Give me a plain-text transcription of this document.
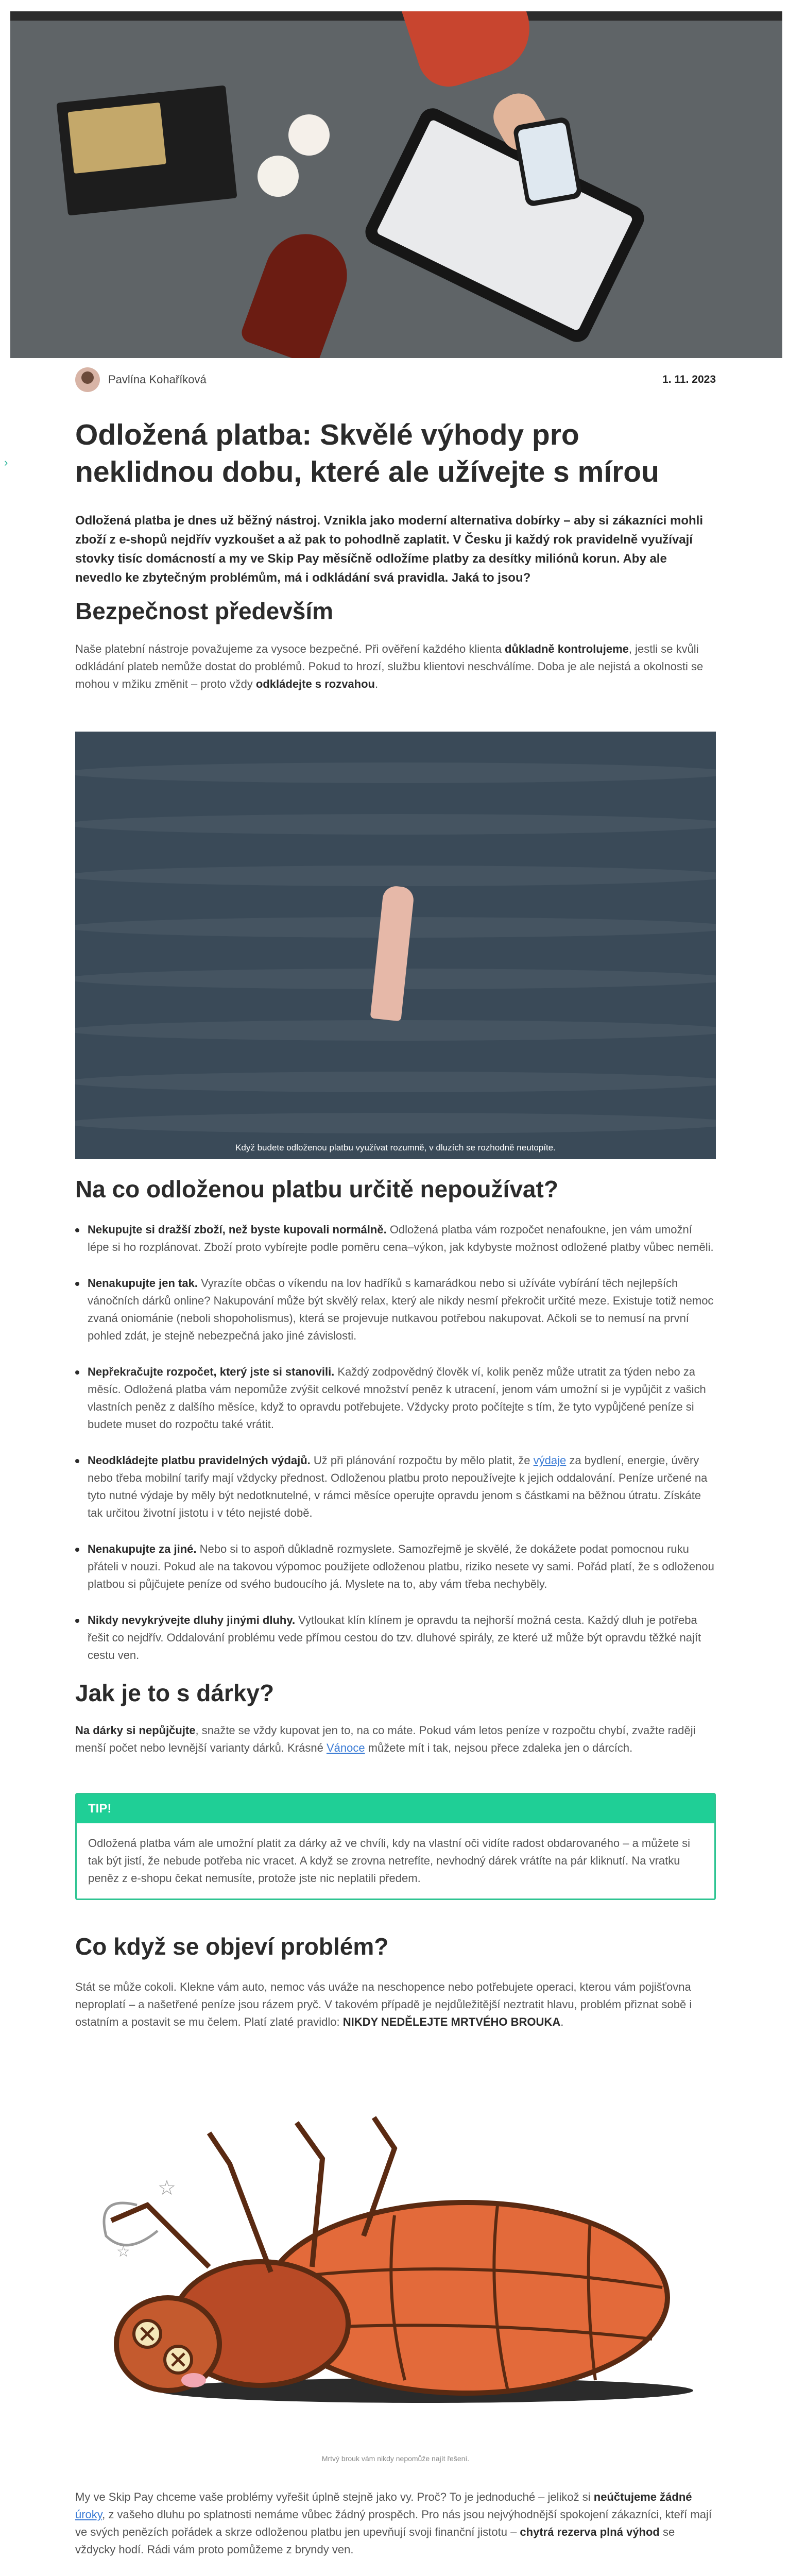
›
Pavlína Kohaříková	1. 11. 2023
Odložená platba: Skvělé výhody pro neklidnou dobu, které ale užívejte s mírou

Odložená platba je dnes už běžný nástroj. Vznikla jako moderní alternativa dobírky – aby si zákazníci mohli zboží z e-shopů nejdřív vyzkoušet a až pak to pohodlně zaplatit. V Česku ji každý rok pravidelně využívají stovky tisíc domácností a my ve Skip Pay měsíčně odložíme platby za desítky miliónů korun. Aby ale nevedlo ke zbytečným problémům, má i odkládání svá pravidla. Jaká to jsou?

Bezpečnost především

Naše platební nástroje považujeme za vysoce bezpečné. Při ověření každého klienta důkladně kontrolujeme, jestli se kvůli odkládání plateb nemůže dostat do problémů. Pokud to hrozí, službu klientovi neschválíme. Doba je ale nejistá a okolnosti se mohou v mžiku změnit – proto vždy odkládejte s rozvahou.

Když budete odloženou platbu využívat rozumně, v dluzích se rozhodně neutopíte.
Na co odloženou platbu určitě nepoužívat?
Nekupujte si dražší zboží, než byste kupovali normálně. Odložená platba vám rozpočet nenafoukne, jen vám umožní lépe si ho rozplánovat. Zboží proto vybírejte podle poměru cena–výkon, jak kdybyste možnost odložené platby vůbec neměli.
Nenakupujte jen tak. Vyrazíte občas o víkendu na lov hadříků s kamarádkou nebo si užíváte vybírání těch nejlepších vánočních dárků online? Nakupování může být skvělý relax, který ale nikdy nesmí překročit určité meze. Existuje totiž nemoc zvaná oniománie (neboli shopoholismus), která se projevuje nutkavou potřebou nakupovat. Ačkoli se to nemusí na první pohled zdát, je stejně nebezpečná jako jiné závislosti.
Nepřekračujte rozpočet, který jste si stanovili. Každý zodpovědný člověk ví, kolik peněz může utratit za týden nebo za měsíc. Odložená platba vám nepomůže zvýšit celkové množství peněz k utracení, jenom vám umožní si je vypůjčit z vašich vlastních peněz z dalšího měsíce, když to opravdu potřebujete. Vždycky proto počítejte s tím, že tyto vypůjčené peníze si budete muset do rozpočtu také vrátit.
Neodkládejte platbu pravidelných výdajů. Už při plánování rozpočtu by mělo platit, že výdaje za bydlení, energie, úvěry nebo třeba mobilní tarify mají vždycky přednost. Odloženou platbu proto nepoužívejte k jejich oddalování. Peníze určené na tyto nutné výdaje by měly být nedotknutelné, v rámci měsíce operujte opravdu jenom s částkami na běžnou útratu. Získáte tak určitou životní jistotu i v této nejisté době.
Nenakupujte za jiné. Nebo si to aspoň důkladně rozmyslete. Samozřejmě je skvělé, že dokážete podat pomocnou ruku přáteli v nouzi. Pokud ale na takovou výpomoc použijete odloženou platbu, riziko nesete vy sami. Pořád platí, že s odloženou platbou si půjčujete peníze od svého budoucího já. Myslete na to, aby vám třeba nechyběly.
Nikdy nevykrývejte dluhy jinými dluhy. Vytloukat klín klínem je opravdu ta nejhorší možná cesta. Každý dluh je potřeba řešit co nejdřív. Oddalování problému vede přímou cestou do tzv. dluhové spirály, ze které už může být opravdu těžké najít cestu ven.
Jak je to s dárky?

Na dárky si nepůjčujte, snažte se vždy kupovat jen to, na co máte. Pokud vám letos peníze v rozpočtu chybí, zvažte raději menší počet nebo levnější varianty dárků. Krásné Vánoce můžete mít i tak, nejsou přece zdaleka jen o dárcích.

TIP!
Odložená platba vám ale umožní platit za dárky až ve chvíli, kdy na vlastní oči vidíte radost obdarovaného – a můžete si tak být jistí, že nebude potřeba nic vracet. A když se zrovna netrefíte, nevhodný dárek vrátíte na pár kliknutí. Na vratku peněz z e-shopu čekat nemusíte, protože jste nic neplatili předem.
Co když se objeví problém?

Stát se může cokoli. Kleknе vám auto, nemoc vás uváže na neschopence nebo potřebujete operaci, kterou vám pojišťovna neproplatí – a našetřené peníze jsou rázem pryč. V takovém případě je nejdůležitější neztratit hlavu, problém přiznat sobě i ostatním a postavit se mu čelem. Platí zlaté pravidlo: NIKDY NEDĚLEJTE MRTVÉHO BROUKA.

☆
☆
Mrtvý brouk vám nikdy nepomůže najít řešení.

My ve Skip Pay chceme vaše problémy vyřešit úplně stejně jako vy. Proč? To je jednoduché – jelikož si neúčtujeme žádné úroky, z vašeho dluhu po splatnosti nemáme vůbec žádný prospěch. Pro nás jsou nejvýhodnější spokojení zákazníci, kteří mají ve svých penězích pořádek a skrze odloženou platbu jen upevňují svoji finanční jistotu – chytrá rezerva plná výhod se vždycky hodí. Rádi vám proto pomůžeme z bryndy ven.
